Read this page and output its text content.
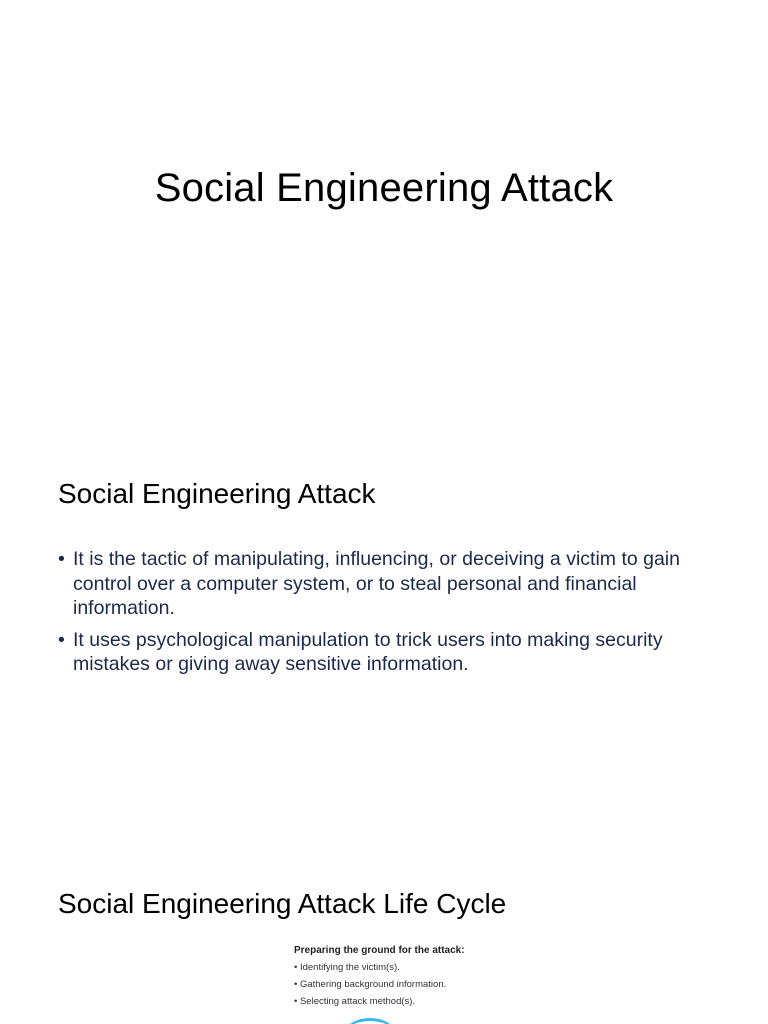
Social Engineering Attack
Social Engineering Attack
• It is the tactic of manipulating, influencing, or deceiving a victim to gain control over a computer system, or to steal personal and financial information.
• It uses psychological manipulation to trick users into making security mistakes or giving away sensitive information.
Social Engineering Attack Life Cycle
Preparing the ground for the attack:
• Identifying the victim(s).
• Gathering background information.
• Selecting attack method(s).
